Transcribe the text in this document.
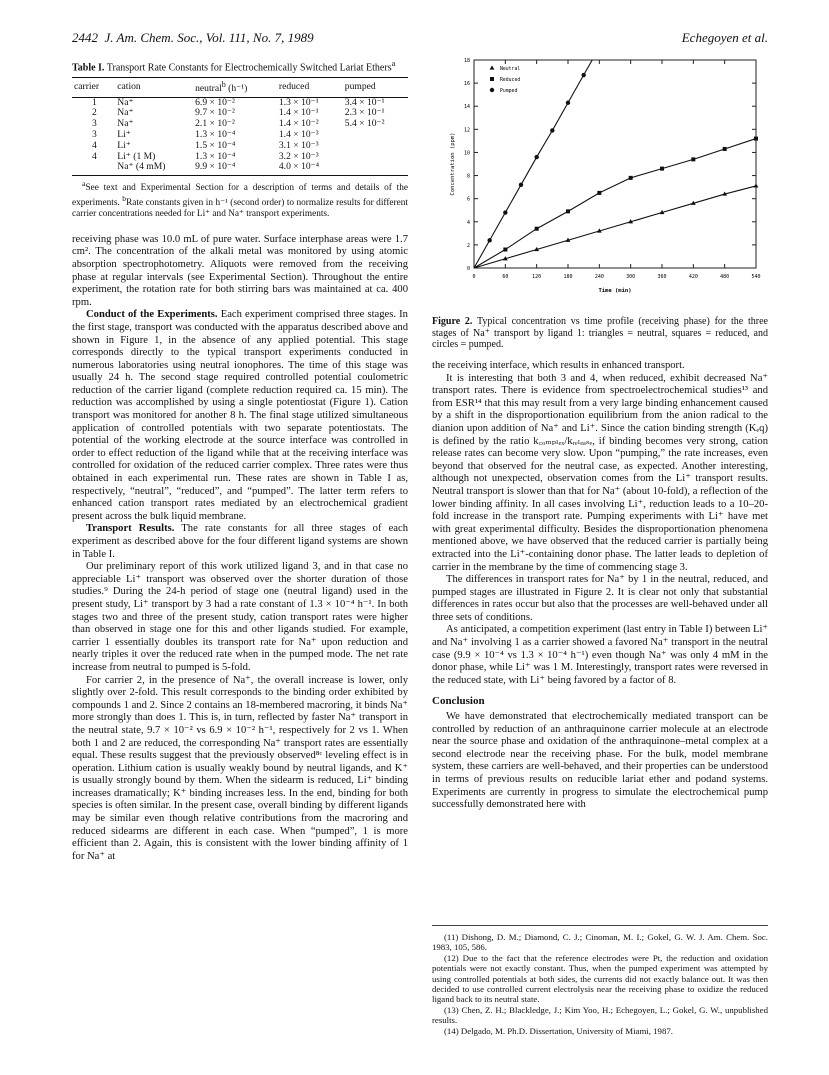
2442 J. Am. Chem. Soc., Vol. 111, No. 7, 1989	Echegoyen et al.
Table I. Transport Rate Constants for Electrochemically Switched Lariat Ethers$^a$
carrier	cation	neutral$^b$ (h⁻¹)	reduced	pumped
1	Na⁺	6.9 × 10⁻²	1.3 × 10⁻¹	3.4 × 10⁻¹
2	Na⁺	9.7 × 10⁻²	1.4 × 10⁻¹	2.3 × 10⁻¹
3	Na⁺	2.1 × 10⁻²	1.4 × 10⁻²	5.4 × 10⁻²
3	Li⁺	1.3 × 10⁻⁴	1.4 × 10⁻³	
4	Li⁺	1.5 × 10⁻⁴	3.1 × 10⁻³	
4	Li⁺ (1 M)	1.3 × 10⁻⁴	3.2 × 10⁻³	
	Na⁺ (4 mM)	9.9 × 10⁻⁴	4.0 × 10⁻⁴	

$^a$See text and Experimental Section for a description of terms and details of the experiments. $^b$Rate constants given in h⁻¹ (second order) to normalize results for different carrier concentrations needed for Li⁺ and Na⁺ transport experiments.

receiving phase was 10.0 mL of pure water. Surface interphase areas were 1.7 cm². The concentration of the alkali metal was monitored by using atomic absorption spectrophotometry. Aliquots were removed from the receiving phase at regular intervals (see Experimental Section). Throughout the entire experiment, the rotation rate for both stirring bars was maintained at ca. 400 rpm.

Conduct of the Experiments. Each experiment comprised three stages. In the first stage, transport was conducted with the apparatus described above and shown in Figure 1, in the absence of any applied potential. This stage corresponds directly to the typical transport experiments conducted in numerous laboratories using neutral ionophores. The time of this stage was usually 24 h. The second stage required controlled potential coulometric reduction of the carrier ligand (complete reduction required ca. 15 min). The reduction was accomplished by using a single potentiostat (Figure 1). Cation transport was monitored for another 8 h. The final stage utilized simultaneous application of controlled potentials with two separate potentiostats. The potential of the working electrode at the source interface was controlled in order to effect reduction of the ligand while that at the receiving interface was controlled for oxidation of the reduced carrier complex. Three rates were thus obtained in each experimental run. These rates are shown in Table I as, respectively, “neutral”, “reduced”, and “pumped”. The latter term refers to enhanced cation transport rates mediated by an electrochemical gradient present across the bulk liquid membrane.

Transport Results. The rate constants for all three stages of each experiment as described above for the four different ligand systems are shown in Table I.

Our preliminary report of this work utilized ligand 3, and in that case no appreciable Li⁺ transport was observed over the shorter duration of those studies.⁹ During the 24-h period of stage one (neutral ligand) used in the present study, Li⁺ transport by 3 had a rate constant of 1.3 × 10⁻⁴ h⁻¹. In both stages two and three of the present study, cation transport rates were higher than observed in stage one for this and other ligands studied. For example, carrier 1 essentially doubles its transport rate for Na⁺ upon reduction and nearly triples it over the reduced rate when in the pumped mode. The net rate increase from neutral to pumped is 5-fold.

For carrier 2, in the presence of Na⁺, the overall increase is lower, only slightly over 2-fold. This result corresponds to the binding order exhibited by compounds 1 and 2. Since 2 contains an 18-membered macroring, it binds Na⁺ more strongly than does 1. This is, in turn, reflected by faster Na⁺ transport in the neutral state, 9.7 × 10⁻² vs 6.9 × 10⁻² h⁻¹, respectively for 2 vs 1. When both 1 and 2 are reduced, the corresponding Na⁺ transport rates are essentially equal. These results suggest that the previously observed⁸ᶜ leveling effect is in operation. Lithium cation is usually weakly bound by neutral ligands, and K⁺ is usually strongly bound by them. When the sidearm is reduced, Li⁺ binding increases dramatically; K⁺ binding increases less. In the end, binding for both species is often similar. In the present case, overall binding by different ligands may be similar even though relative contributions from the macroring and reduced sidearms are different in each case. When “pumped”, 1 is more efficient than 2. Again, this is consistent with the lower binding affinity of 1 for Na⁺ at

0
2
4
6
8
10
12
14
16
18
0	60	120	180	240	300	360	420	480	540
Time (min)
Concentration (ppm)
Neutral
Reduced
Pumped
Figure 2. Typical concentration vs time profile (receiving phase) for the three stages of Na⁺ transport by ligand 1: triangles = neutral, squares = reduced, and circles = pumped.

the receiving interface, which results in enhanced transport.

It is interesting that both 3 and 4, when reduced, exhibit decreased Na⁺ transport rates. There is evidence from spectroelectrochemical studies¹³ and from ESR¹⁴ that this may result from a very large binding enhancement caused by a shift in the disproportionation equilibrium from the anion radical to the dianion upon addition of Na⁺ and Li⁺. Since the cation binding strength (Kₑq) is defined by the ratio k꜀ₒₘₚₗₑₓ/kᵣₑₗₑₐₛₑ, if binding becomes very strong, cation release rates can become very slow. Upon “pumping,” the rate increases, even beyond that observed for the neutral case, as expected. Another interesting, although not unexpected, observation comes from the Li⁺ transport results. Neutral transport is slower than that for Na⁺ (about 10-fold), a reflection of the lower binding affinity. In all cases involving Li⁺, reduction leads to a 10–20-fold increase in the transport rate. Pumping experiments with Li⁺ have met with great experimental difficulty. Besides the disproportionation phenomena mentioned above, we have observed that the reduced carrier is partially being extracted into the Li⁺-containing donor phase. The latter leads to depletion of carrier in the membrane by the time of commencing stage 3.

The differences in transport rates for Na⁺ by 1 in the neutral, reduced, and pumped stages are illustrated in Figure 2. It is clear not only that substantial differences in rates occur but also that the processes are well-behaved under all three sets of conditions.

As anticipated, a competition experiment (last entry in Table I) between Li⁺ and Na⁺ involving 1 as a carrier showed a favored Na⁺ transport in the neutral case (9.9 × 10⁻⁴ vs 1.3 × 10⁻⁴ h⁻¹) even though Na⁺ was only 4 mM in the donor phase, while Li⁺ was 1 M. Interestingly, transport rates were reversed in the reduced state, with Li⁺ being favored by a factor of 8.

Conclusion

We have demonstrated that electrochemically mediated transport can be controlled by reduction of an anthraquinone carrier molecule at an electrode near the source phase and oxidation of the anthraquinone–metal complex at a second electrode near the receiving phase. For the bulk, model membrane system, these carriers are well-behaved, and their properties can be understood in terms of previous results on reducible lariat ether and podand systems. Experiments are currently in progress to simulate the electrochemical pump successfully demonstrated here with

(11) Dishong, D. M.; Diamond, C. J.; Cinoman, M. I.; Gokel, G. W. J. Am. Chem. Soc. 1983, 105, 586.

(12) Due to the fact that the reference electrodes were Pt, the reduction and oxidation potentials were not exactly constant. Thus, when the pumped experiment was attempted by using controlled potentials at both sides, the currents did not exactly balance out. It was then decided to use controlled current electrolysis near the receiving phase to oxidize the reduced ligand back to its neutral state.

(13) Chen, Z. H.; Blackledge, J.; Kim Yoo, H.; Echegoyen, L.; Gokel, G. W., unpublished results.

(14) Delgado, M. Ph.D. Dissertation, University of Miami, 1987.
